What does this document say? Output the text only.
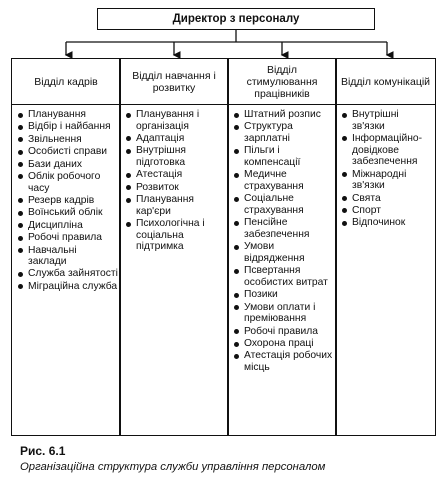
Директор з персоналу
Відділ кадрів
Планування
Відбір і найбання
Звільнення
Особисті справи
Бази даних
Облік робочого часу
Резерв кадрів
Воїнський облік
Дисципліна
Робочі правила
Навчальні заклади
Служба зайнятості
Міграційна служба
Відділ навчання і розвитку
Планування і організація
Адаптація
Внутрішня підготовка
Атестація
Розвиток
Планування кар'єри
Психологічна і соціальна підтримка
Відділ стимулювання працівників
Штатний розпис
Структура зарплатні
Пільги і компенсації
Медичне страхування
Соціальне страхування
Пенсійне забезпечення
Умови відрядження
Псвертання особистих витрат
Позики
Умови оплати і преміювання
Робочі правила
Охорона праці
Атестація робочих місць
Відділ комунікацій
Внутрішні зв'язки
Інформаційно-довідкове забезпечення
Міжнародні зв'язки
Свята
Спорт
Відпочинок
Рис. 6.1
Організаційна структура служби управління персоналом
